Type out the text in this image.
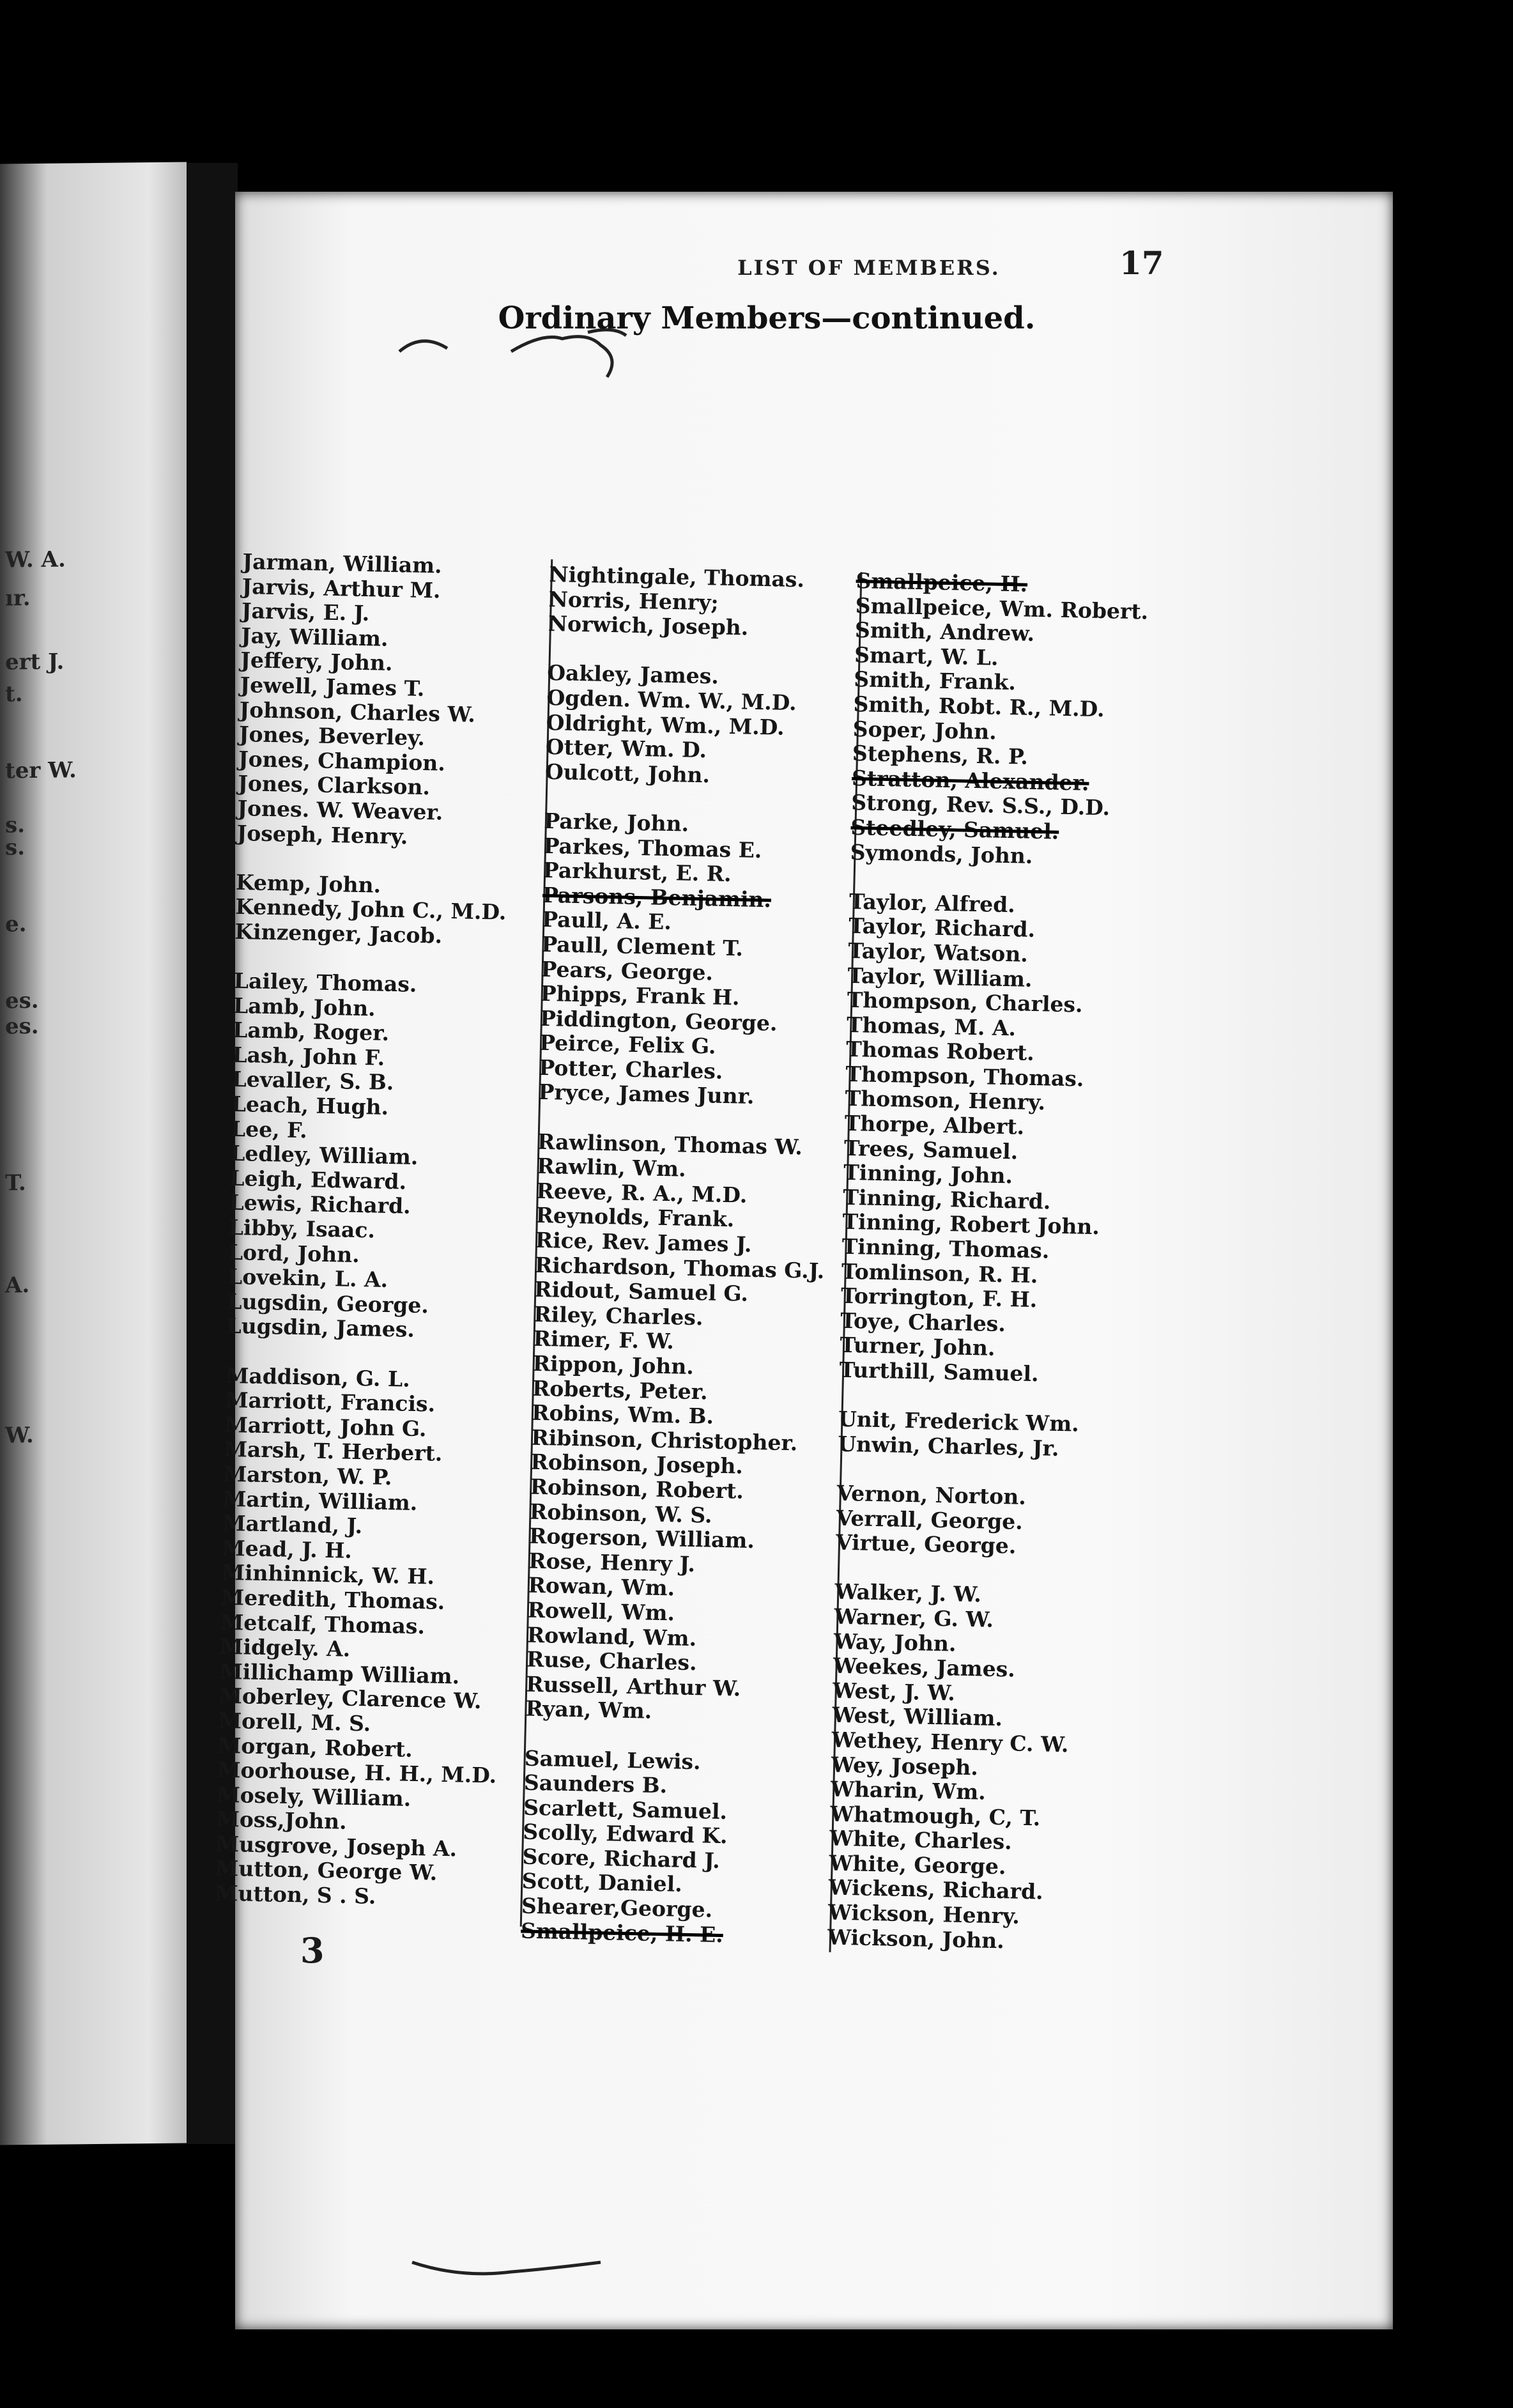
W. A.
ır.
ert J.
t.
ter W.
s.
s.
e.
es.
es.
T.
A.
W.
LIST OF MEMBERS.	17
Ordinary Members—continued.
Jarman, William.
Jarvis, Arthur M.
Jarvis, E. J.
Jay, William.
Jeffery, John.
Jewell, James T.
Johnson, Charles W.
Jones, Beverley.
Jones, Champion.
Jones, Clarkson.
Jones. W. Weaver.
Joseph, Henry.
Kemp, John.
Kennedy, John C., M.D.
Kinzenger, Jacob.
Lailey, Thomas.
Lamb, John.
Lamb, Roger.
Lash, John F.
Levaller, S. B.
Leach, Hugh.
Lee, F.
Ledley, William.
Leigh, Edward.
Lewis, Richard.
Libby, Isaac.
Lord, John.
Lovekin, L. A.
Lugsdin, George.
Lugsdin, James.
Maddison, G. L.
Marriott, Francis.
Marriott, John G.
Marsh, T. Herbert.
Marston, W. P.
Martin, William.
Martland, J.
Mead, J. H.
Minhinnick, W. H.
Meredith, Thomas.
Metcalf, Thomas.
Midgely. A.
Millichamp William.
Moberley, Clarence W.
Morell, M. S.
Morgan, Robert.
Moorhouse, H. H., M.D.
Mosely, William.
Moss,John.
Musgrove, Joseph A.
Mutton, George W.
Mutton, S . S.
Nightingale, Thomas.
Norris, Henry;
Norwich, Joseph.
Oakley, James.
Ogden. Wm. W., M.D.
Oldright, Wm., M.D.
Otter, Wm. D.
Oulcott, John.
Parke, John.
Parkes, Thomas E.
Parkhurst, E. R.
Parsons, Benjamin.
Paull, A. E.
Paull, Clement T.
Pears, George.
Phipps, Frank H.
Piddington, George.
Peirce, Felix G.
Potter, Charles.
Pryce, James Junr.
Rawlinson, Thomas W.
Rawlin, Wm.
Reeve, R. A., M.D.
Reynolds, Frank.
Rice, Rev. James J.
Richardson, Thomas G.J.
Ridout, Samuel G.
Riley, Charles.
Rimer, F. W.
Rippon, John.
Roberts, Peter.
Robins, Wm. B.
Ribinson, Christopher.
Robinson, Joseph.
Robinson, Robert.
Robinson, W. S.
Rogerson, William.
Rose, Henry J.
Rowan, Wm.
Rowell, Wm.
Rowland, Wm.
Ruse, Charles.
Russell, Arthur W.
Ryan, Wm.
Samuel, Lewis.
Saunders B.
Scarlett, Samuel.
Scolly, Edward K.
Score, Richard J.
Scott, Daniel.
Shearer,George.
Smallpeice, H. E.
Smallpeice, H.
Smallpeice, Wm. Robert.
Smith, Andrew.
Smart, W. L.
Smith, Frank.
Smith, Robt. R., M.D.
Soper, John.
Stephens, R. P.
Stratton, Alexander.
Strong, Rev. S.S., D.D.
Steedley, Samuel.
Symonds, John.
Taylor, Alfred.
Taylor, Richard.
Taylor, Watson.
Taylor, William.
Thompson, Charles.
Thomas, M. A.
Thomas Robert.
Thompson, Thomas.
Thomson, Henry.
Thorpe, Albert.
Trees, Samuel.
Tinning, John.
Tinning, Richard.
Tinning, Robert John.
Tinning, Thomas.
Tomlinson, R. H.
Torrington, F. H.
Toye, Charles.
Turner, John.
Turthill, Samuel.
Unit, Frederick Wm.
Unwin, Charles, Jr.
Vernon, Norton.
Verrall, George.
Virtue, George.
Walker, J. W.
Warner, G. W.
Way, John.
Weekes, James.
West, J. W.
West, William.
Wethey, Henry C. W.
Wey, Joseph.
Wharin, Wm.
Whatmough, C, T.
White, Charles.
White, George.
Wickens, Richard.
Wickson, Henry.
Wickson, John.
3
